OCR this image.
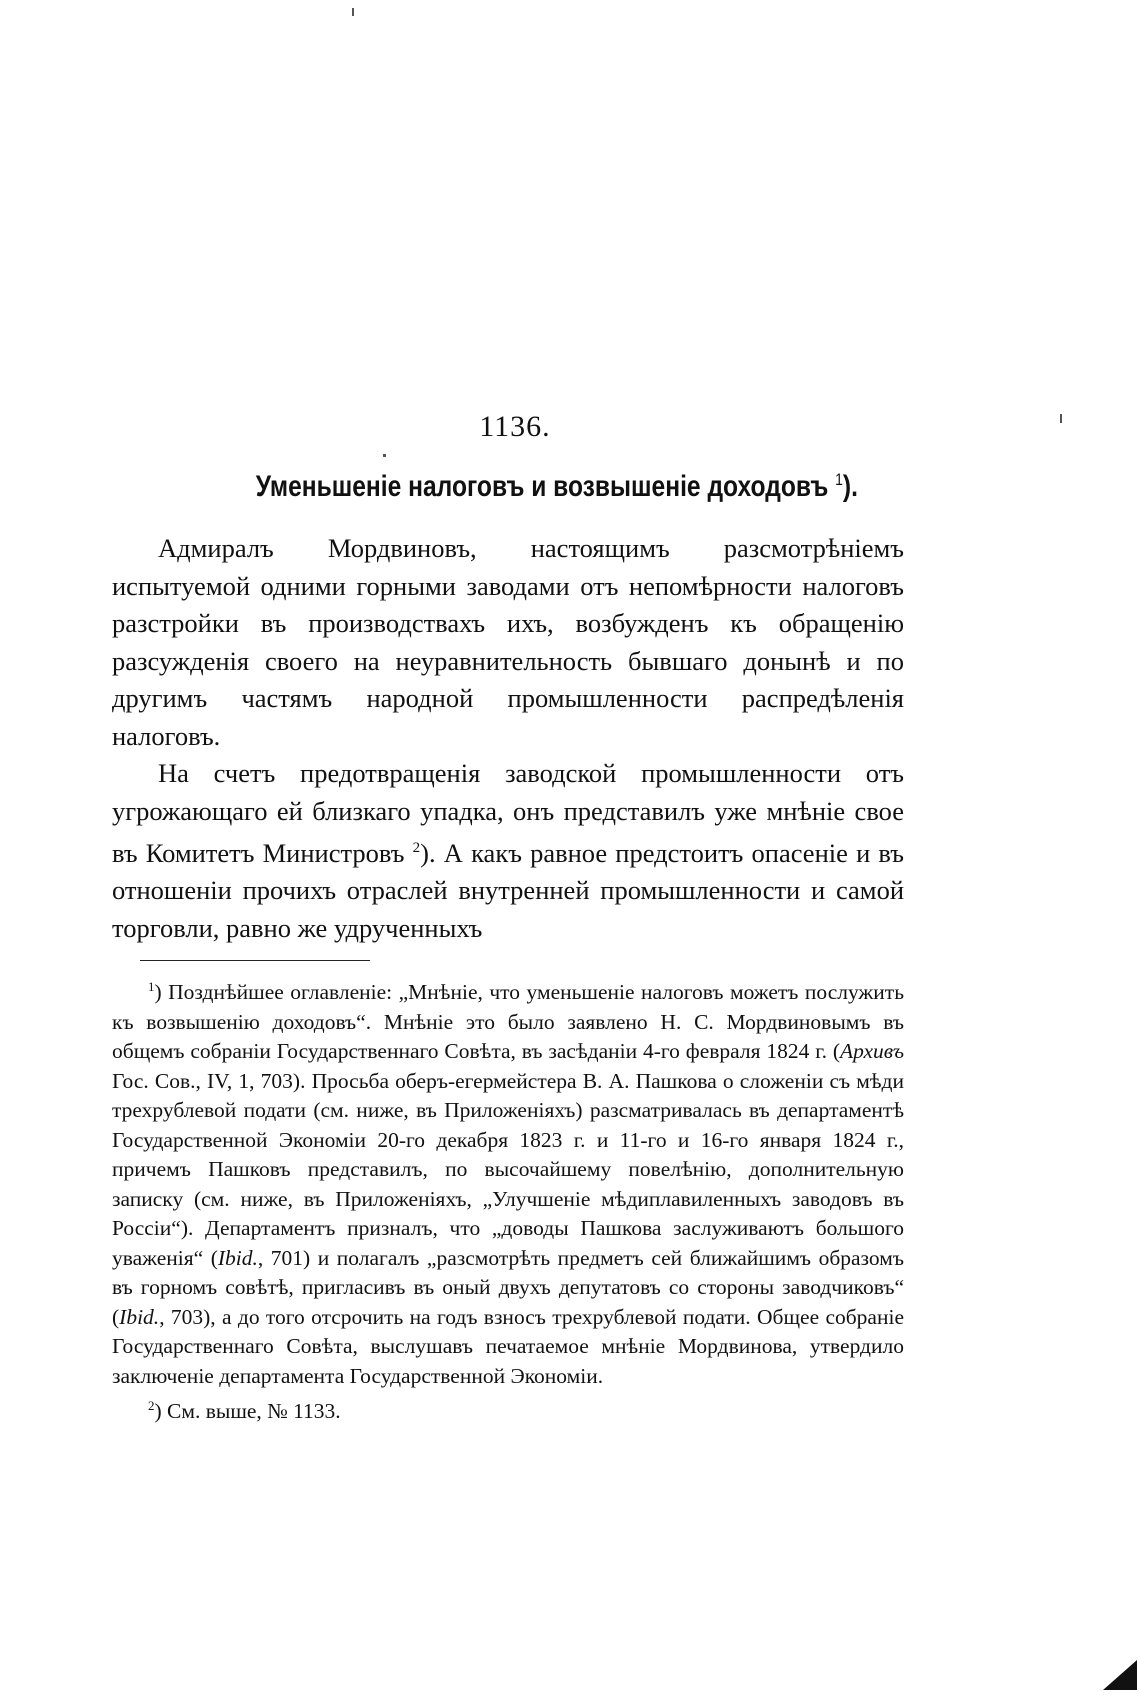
1136.
Уменьшеніе налоговъ и возвышеніе доходовъ $^1$).

Адмиралъ Мордвиновъ, настоящимъ разсмотрѣніемъ испытуемой одними горными заводами отъ непомѣрности налоговъ разстройки въ производствахъ ихъ, возбужденъ къ обращенію разсужденія своего на неуравнительность бывшаго донынѣ и по другимъ частямъ народной промышленности распредѣленія налоговъ.

На счетъ предотвращенія заводской промышленности отъ угрожающаго ей близкаго упадка, онъ представилъ уже мнѣніе свое въ Комитетъ Министровъ $^2$). А какъ равное предстоитъ опасеніе и въ отношеніи прочихъ отраслей внутренней промышленности и самой торговли, равно же удрученныхъ

$^1$) Позднѣйшее оглавленіе: „Мнѣніе, что уменьшеніе налоговъ можетъ послужить къ возвышенію доходовъ“. Мнѣніе это было заявлено Н. С. Мордвиновымъ въ общемъ собраніи Государственнаго Совѣта, въ засѣданіи 4-го февраля 1824 г. (Архивъ Гос. Сов., IV, 1, 703). Просьба оберъ-егермейстера В. А. Пашкова о сложеніи съ мѣди трехрублевой подати (см. ниже, въ Приложеніяхъ) разсматривалась въ департаментѣ Государственной Экономіи 20-го декабря 1823 г. и 11-го и 16-го января 1824 г., причемъ Пашковъ представилъ, по высочайшему повелѣнію, дополнительную записку (см. ниже, въ Приложеніяхъ, „Улучшеніе мѣдиплавиленныхъ заводовъ въ Россіи“). Департаментъ призналъ, что „доводы Пашкова заслуживаютъ большого уваженія“ (Ibid., 701) и полагалъ „разсмотрѣть предметъ сей ближайшимъ образомъ въ горномъ совѣтѣ, пригласивъ въ оный двухъ депутатовъ со стороны заводчиковъ“ (Ibid., 703), а до того отсрочить на годъ взносъ трехрублевой подати. Общее собраніе Государственнаго Совѣта, выслушавъ печатаемое мнѣніе Мордвинова, утвердило заключеніе департамента Государственной Экономіи.

$^2$) См. выше, № 1133.
